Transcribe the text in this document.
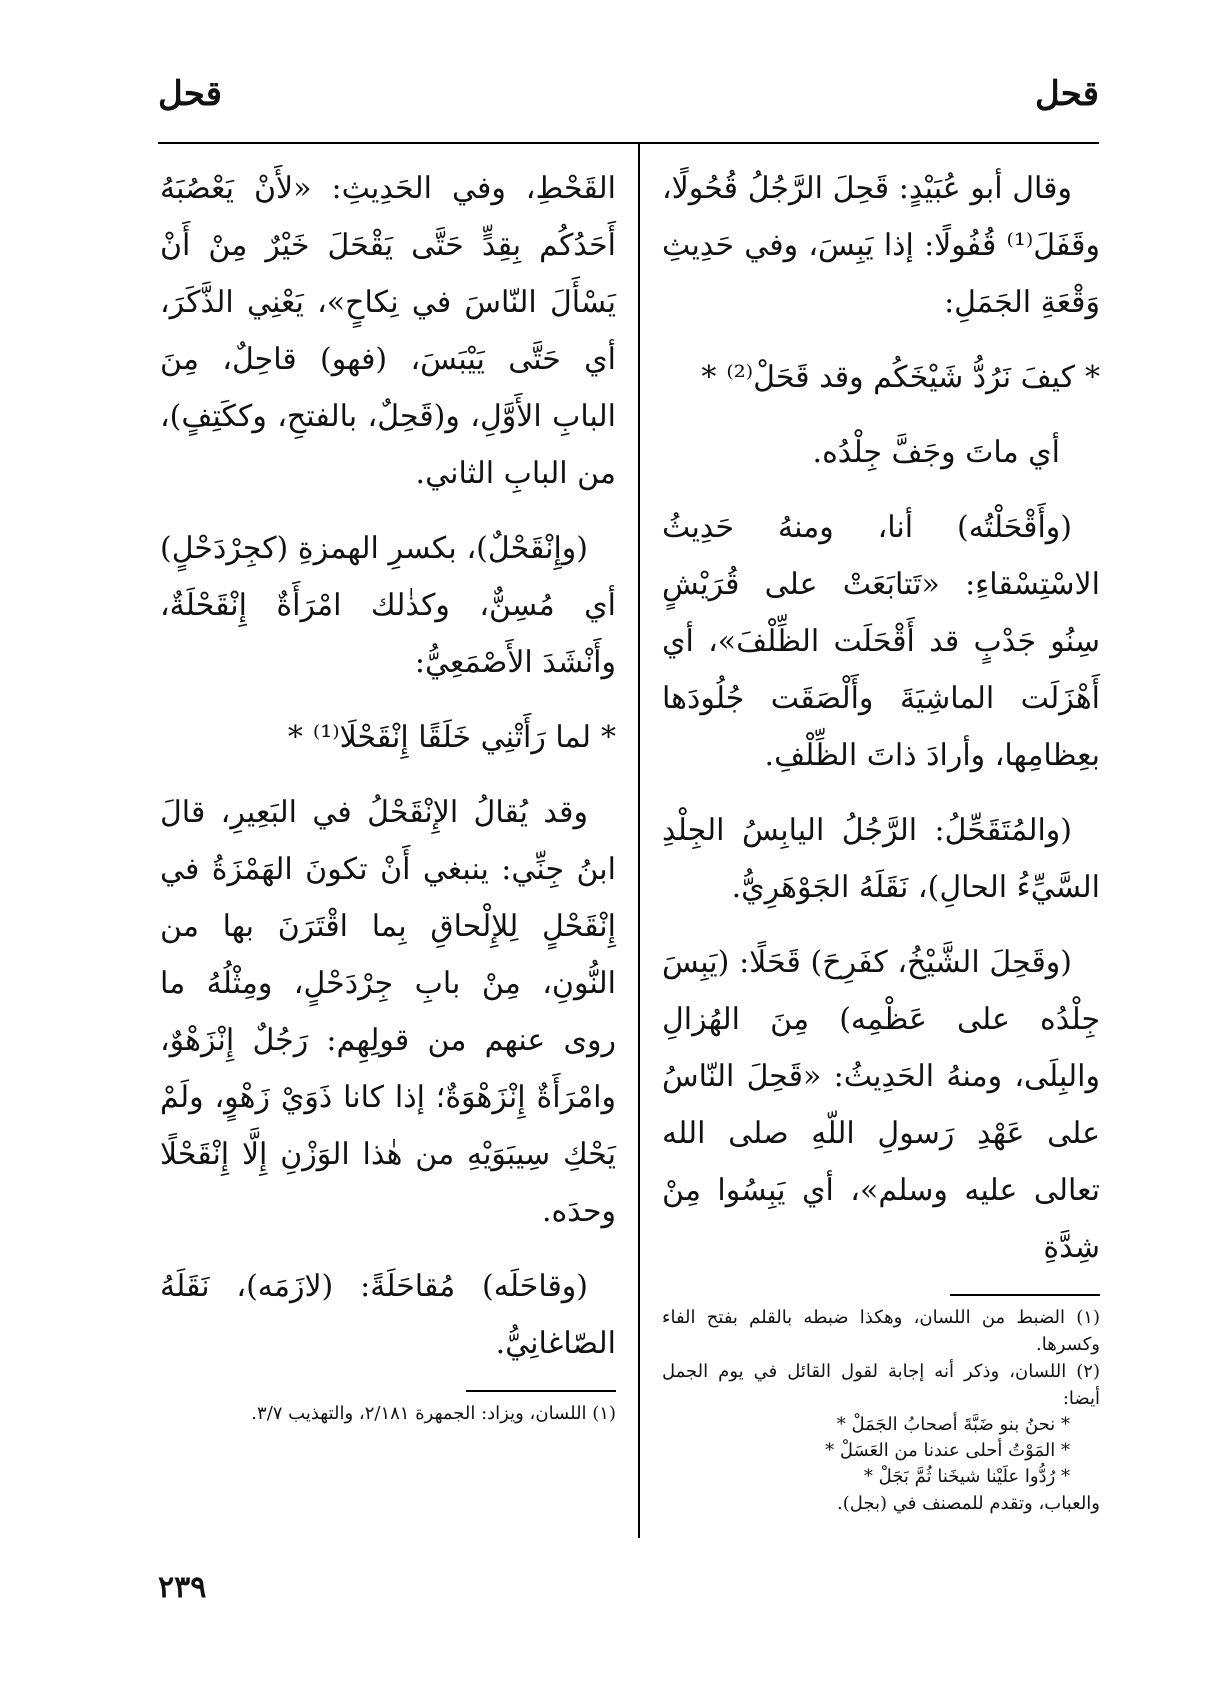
قحل
قحل

وقال أبو عُبَيْدٍ: قَحِلَ الرَّجُلُ قُحُولًا، وقَفَلَ⁽¹⁾ قُفُولًا: إذا يَبِسَ، وفي حَدِيثِ وَقْعَةِ الجَمَلِ:

*كيفَ نَرُدُّ شَيْخَكُم وقد قَحَلْ⁽²⁾*

أي ماتَ وجَفَّ جِلْدُه.

(وأَقْحَلْتُه) أنا، ومنهُ حَدِيثُ الاسْتِسْقاءِ: «تَتابَعَتْ على قُرَيْشٍ سِنُو جَدْبٍ قد أَقْحَلَت الظِّلْفَ»، أي أَهْزَلَت الماشِيَةَ وأَلْصَقَت جُلُودَها بعِظامِها، وأرادَ ذاتَ الظِّلْفِ.

(والمُتَقَحِّلُ: الرَّجُلُ اليابِسُ الجِلْدِ السَّيِّءُ الحالِ)، نَقَلَهُ الجَوْهَرِيُّ.

(وقَحِلَ الشَّيْخُ، كفَرِحَ) قَحَلًا: (يَبِسَ جِلْدُه على عَظْمِه) مِنَ الهُزالِ والبِلَى، ومنهُ الحَدِيثُ: «قَحِلَ النّاسُ على عَهْدِ رَسولِ اللّهِ صلى الله تعالى عليه وسلم»، أي يَبِسُوا مِنْ شِدَّةِ

(١) الضبط من اللسان، وهكذا ضبطه بالقلم بفتح الفاء وكسرها.

(٢) اللسان، وذكر أنه إجابة لقول القائل في يوم الجمل أيضا:

* نحنُ بنو ضَبَّةَ أصحابُ الجَمَلْ *

* المَوْتُ أحلى عندنا من العَسَلْ *

* رُدُّوا علَيْنا شيخَنا ثُمَّ بَجَلْ *

والعباب، وتقدم للمصنف في (بجل).

القَحْطِ، وفي الحَدِيثِ: «لأَنْ يَعْصُبَهُ أَحَدُكُم بِقِدٍّ حَتَّى يَقْحَلَ خَيْرٌ مِنْ أَنْ يَسْأَلَ النّاسَ في نِكاحٍ»، يَعْنِي الذَّكَرَ، أي حَتَّى يَيْبَسَ، (فهو) قاحِلٌ، مِنَ البابِ الأَوَّلِ، و(قَحِلٌ، بالفتحِ، وككَتِفٍ)، من البابِ الثاني.

(وإِنْقَحْلٌ)، بكسرِ الهمزةِ (كجِرْدَحْلٍ) أي مُسِنٌّ، وكذٰلك امْرَأَةٌ إِنْقَحْلَةٌ، وأَنْشَدَ الأَصْمَعِيُّ:

*لما رَأَتْنِي خَلَقًا إِنْقَحْلَا⁽¹⁾*

وقد يُقالُ الإِنْقَحْلُ في البَعِيرِ، قالَ ابنُ جِنِّي: ينبغي أَنْ تكونَ الهَمْزَةُ في إِنْقَحْلٍ لِلإِلْحاقِ بِما اقْتَرَنَ بها من النُّونِ، مِنْ بابِ جِرْدَحْلٍ، ومِثْلُهُ ما روى عنهم من قولِهِم: رَجُلٌ إِنْزَهْوٌ، وامْرَأَةٌ إِنْزَهْوَةٌ؛ إذا كانا ذَوَيْ زَهْوٍ، ولَمْ يَحْكِ سِيبَوَيْهِ من هٰذا الوَزْنِ إِلَّا إِنْقَحْلًا وحدَه.

(وقاحَلَه) مُقاحَلَةً: (لازَمَه)، نَقَلَهُ الصّاغانِيُّ.

(١) اللسان، ويزاد: الجمهرة ٢/١٨١، والتهذيب ٣/٧.

٢٣٩
